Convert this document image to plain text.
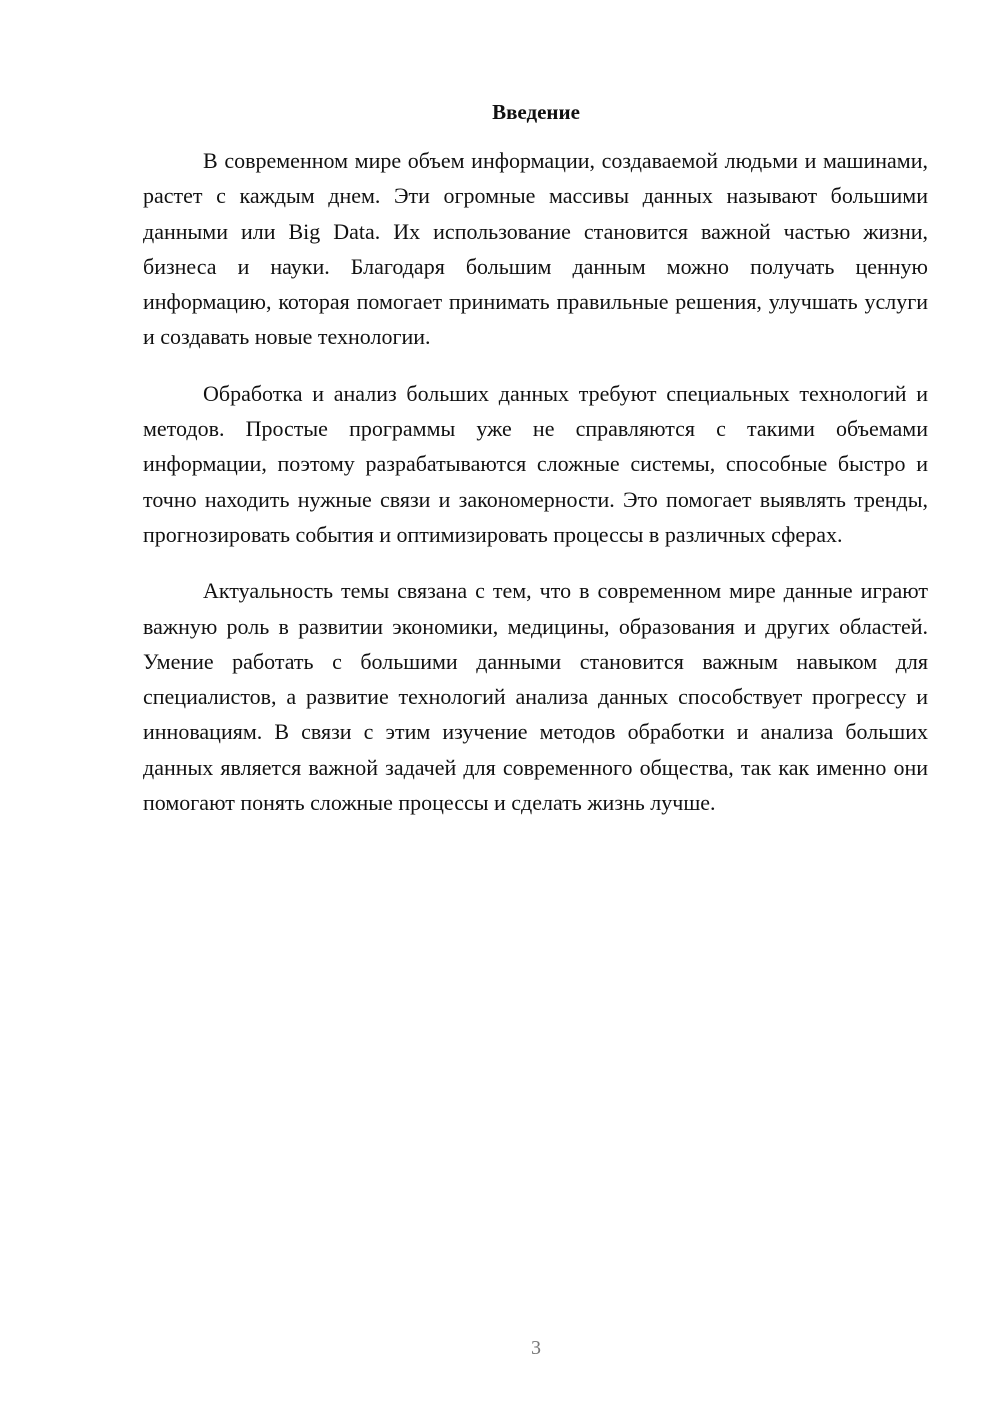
Введение

В современном мире объем информации, создаваемой людьми и машинами, растет с каждым днем. Эти огромные массивы данных называют большими данными или Big Data. Их использование становится важной частью жизни, бизнеса и науки. Благодаря большим данным можно получать ценную информацию, которая помогает принимать правильные решения, улучшать услуги и создавать новые технологии.

Обработка и анализ больших данных требуют специальных технологий и методов. Простые программы уже не справляются с такими объемами информации, поэтому разрабатываются сложные системы, способные быстро и точно находить нужные связи и закономерности. Это помогает выявлять тренды, прогнозировать события и оптимизировать процессы в различных сферах.

Актуальность темы связана с тем, что в современном мире данные играют важную роль в развитии экономики, медицины, образования и других областей. Умение работать с большими данными становится важным навыком для специалистов, а развитие технологий анализа данных способствует прогрессу и инновациям. В связи с этим изучение методов обработки и анализа больших данных является важной задачей для современного общества, так как именно они помогают понять сложные процессы и сделать жизнь лучше.

3
